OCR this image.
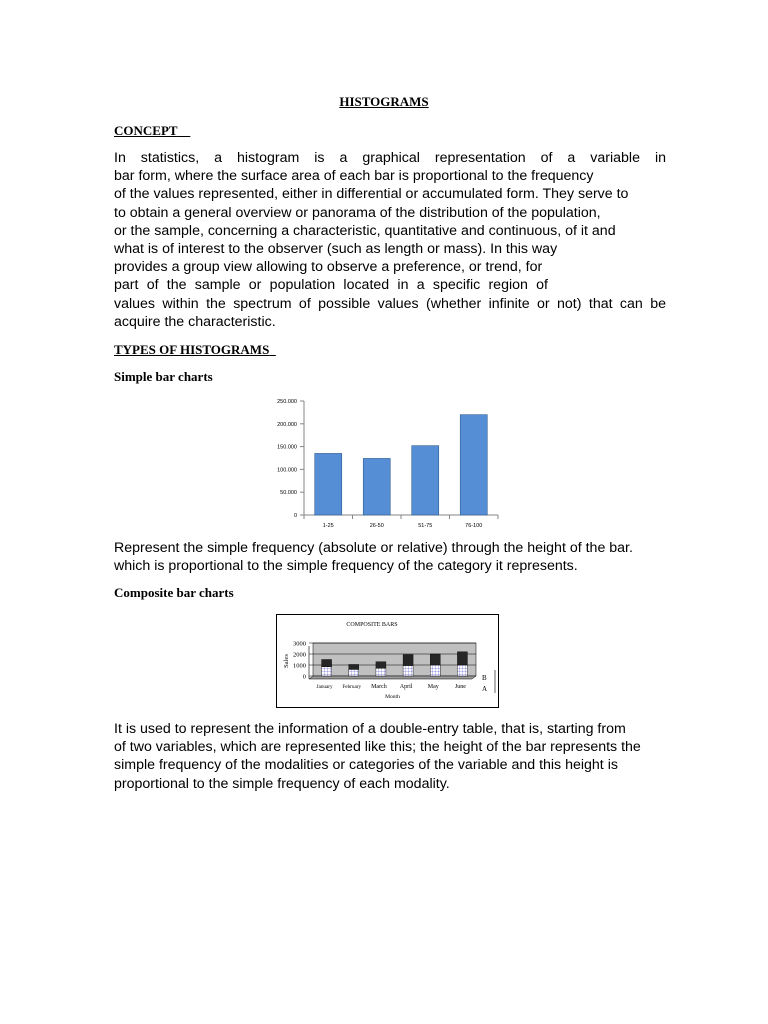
HISTOGRAMS
CONCEPT
In statistics, a histogram is a graphical representation of a variable in
bar form, where the surface area of each bar is proportional to the frequency
of the values represented, either in differential or accumulated form. They serve to
to obtain a general overview or panorama of the distribution of the population,
or the sample, concerning a characteristic, quantitative and continuous, of it and
what is of interest to the observer (such as length or mass). In this way
provides a group view allowing to observe a preference, or trend, for
part of the sample or population located in a specific region of
values within the spectrum of possible values (whether infinite or not) that can be
acquire the characteristic.
TYPES OF HISTOGRAMS
Simple bar charts
0
50.000
100.000
150.000
200.000
250.000
1-25	26-50	51-75	76-100
Represent the simple frequency (absolute or relative) through the height of the bar.
which is proportional to the simple frequency of the category it represents.
Composite bar charts
COMPOSITE BARS
0
1000
2000
3000
Sales
January February March April	May	June
Month
B
A
It is used to represent the information of a double-entry table, that is, starting from
of two variables, which are represented like this; the height of the bar represents the
simple frequency of the modalities or categories of the variable and this height is
proportional to the simple frequency of each modality.
